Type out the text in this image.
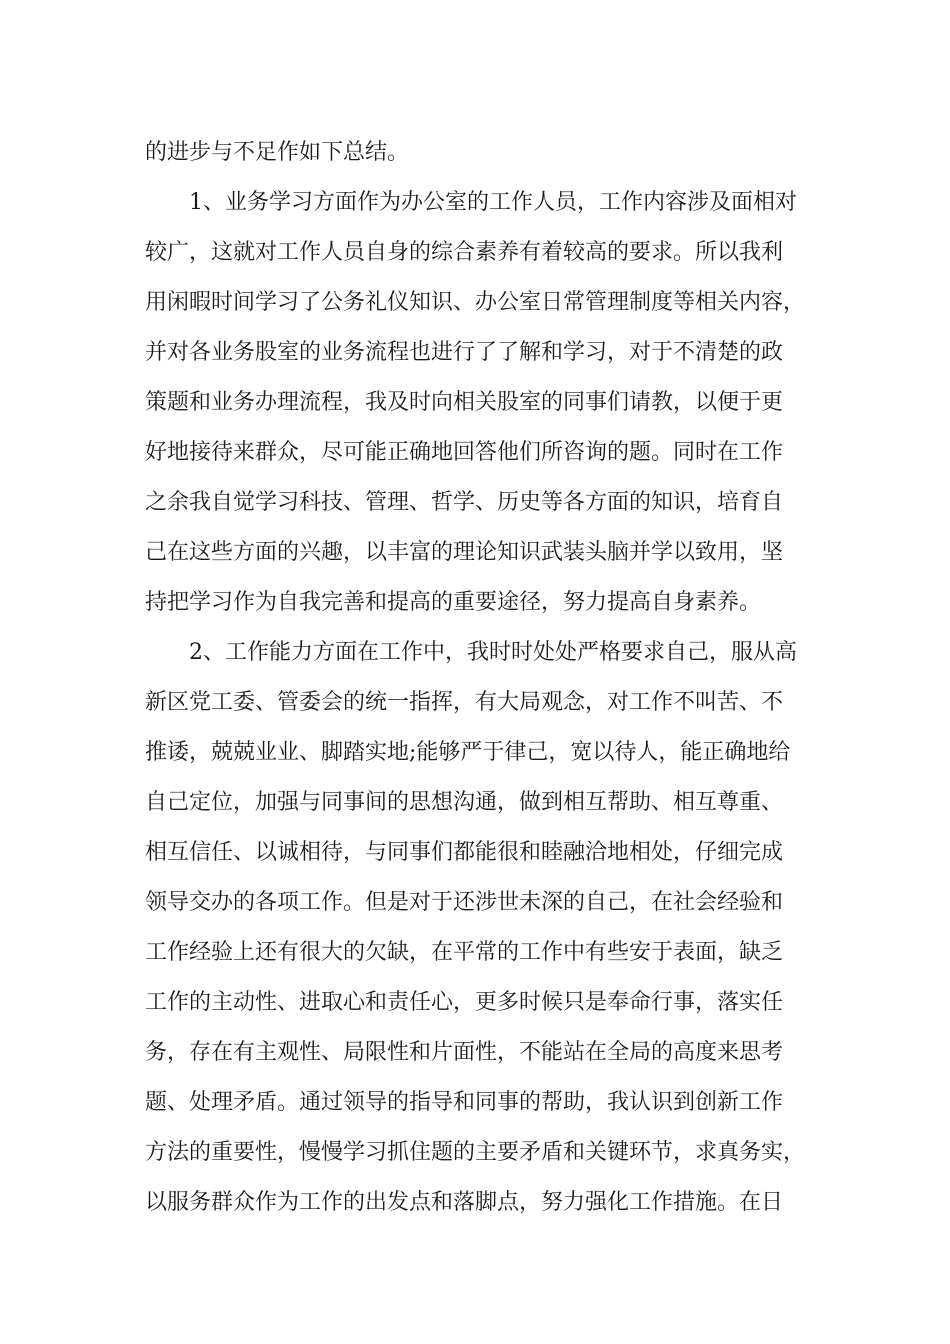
的进步与不足作如下总结。
1、业务学习方面作为办公室的工作人员，工作内容涉及面相对
较广，这就对工作人员自身的综合素养有着较高的要求。所以我利
用闲暇时间学习了公务礼仪知识、办公室日常管理制度等相关内容，
并对各业务股室的业务流程也进行了了解和学习，对于不清楚的政
策题和业务办理流程，我及时向相关股室的同事们请教，以便于更
好地接待来群众，尽可能正确地回答他们所咨询的题。同时在工作
之余我自觉学习科技、管理、哲学、历史等各方面的知识，培育自
己在这些方面的兴趣，以丰富的理论知识武装头脑并学以致用，坚
持把学习作为自我完善和提高的重要途径，努力提高自身素养。
2、工作能力方面在工作中，我时时处处严格要求自己，服从高
新区党工委、管委会的统一指挥，有大局观念，对工作不叫苦、不
推诿，兢兢业业、脚踏实地;能够严于律己，宽以待人，能正确地给
自己定位，加强与同事间的思想沟通，做到相互帮助、相互尊重、
相互信任、以诚相待，与同事们都能很和睦融洽地相处，仔细完成
领导交办的各项工作。但是对于还涉世未深的自己，在社会经验和
工作经验上还有很大的欠缺，在平常的工作中有些安于表面，缺乏
工作的主动性、进取心和责任心，更多时候只是奉命行事，落实任
务，存在有主观性、局限性和片面性，不能站在全局的高度来思考
题、处理矛盾。通过领导的指导和同事的帮助，我认识到创新工作
方法的重要性，慢慢学习抓住题的主要矛盾和关键环节，求真务实，
以服务群众作为工作的出发点和落脚点，努力强化工作措施。在日
